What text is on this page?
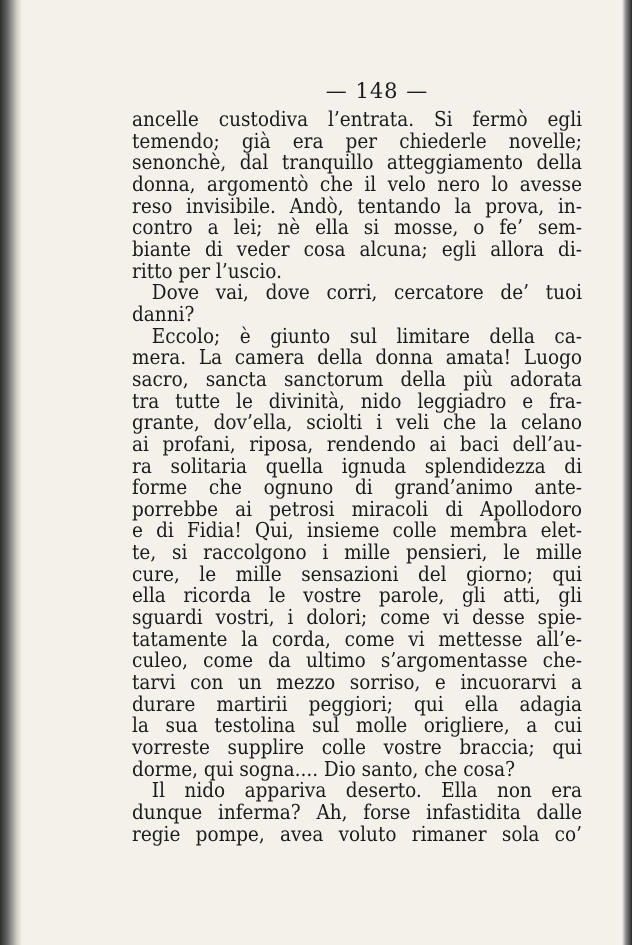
— 148 —
ancelle custodiva l’entrata. Si fermò egli
temendo; già era per chiederle novelle;
senonchè, dal tranquillo atteggiamento della
donna, argomentò che il velo nero lo avesse
reso invisibile. Andò, tentando la prova, in-
contro a lei; nè ella si mosse, o fe’ sem-
biante di veder cosa alcuna; egli allora di-
ritto per l’uscio.
Dove vai, dove corri, cercatore de’ tuoi
danni?
Eccolo; è giunto sul limitare della ca-
mera. La camera della donna amata! Luogo
sacro, sancta sanctorum della più adorata
tra tutte le divinità, nido leggiadro e fra-
grante, dov’ella, sciolti i veli che la celano
ai profani, riposa, rendendo ai baci dell’au-
ra solitaria quella ignuda splendidezza di
forme che ognuno di grand’animo ante-
porrebbe ai petrosi miracoli di Apollodoro
e di Fidia! Qui, insieme colle membra elet-
te, si raccolgono i mille pensieri, le mille
cure, le mille sensazioni del giorno; qui
ella ricorda le vostre parole, gli atti, gli
sguardi vostri, i dolori; come vi desse spie-
tatamente la corda, come vi mettesse all’e-
culeo, come da ultimo s’argomentasse che-
tarvi con un mezzo sorriso, e incuorarvi a
durare martirii peggiori; qui ella adagia
la sua testolina sul molle origliere, a cui
vorreste supplire colle vostre braccia; qui
dorme, qui sogna.... Dio santo, che cosa?
Il nido appariva deserto. Ella non era
dunque inferma? Ah, forse infastidita dalle
regie pompe, avea voluto rimaner sola co’
